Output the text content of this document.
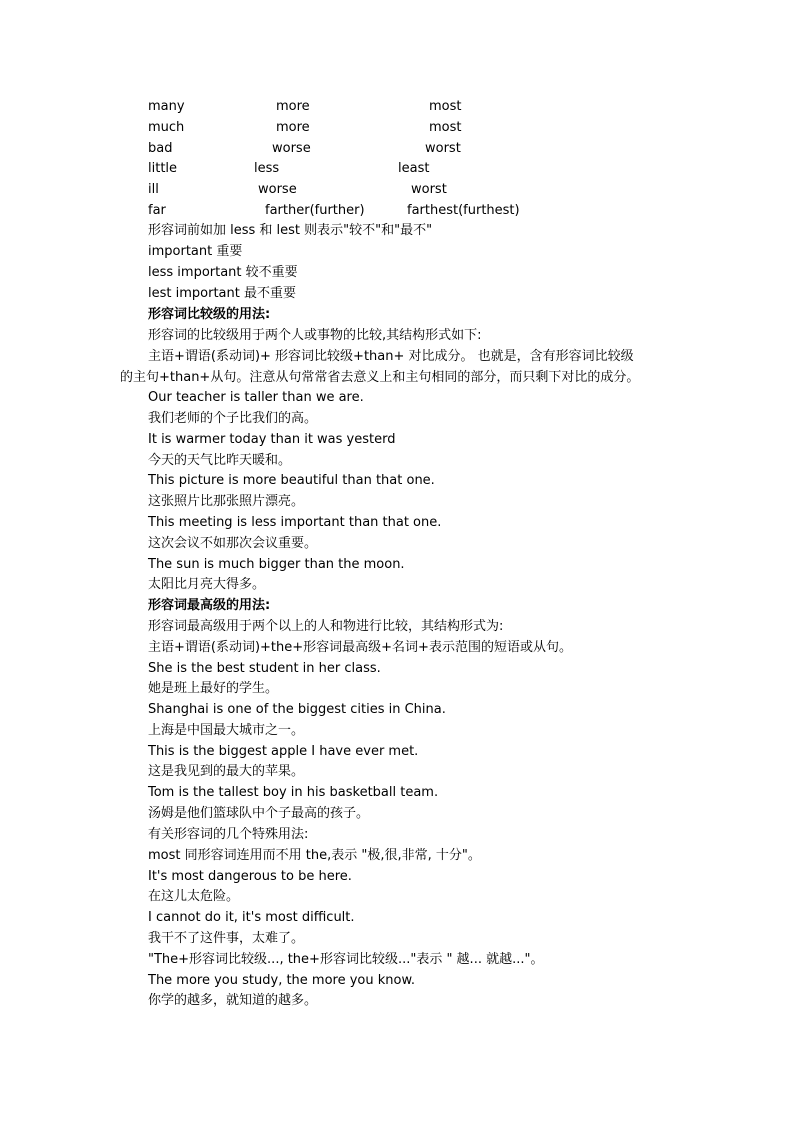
many	more	most
much	more	most
bad	worse	worst
little	less	least
ill	worse	worst
far	farther(further)	farthest(furthest)
形容词前如加 less 和 lest 则表示"较不"和"最不"
important 重要
less important 较不重要
lest important 最不重要
形容词比较级的用法:
形容词的比较级用于两个人或事物的比较,其结构形式如下:
主语+谓语(系动词)+ 形容词比较级+than+ 对比成分。 也就是，含有形容词比较级
的主句+than+从句。注意从句常常省去意义上和主句相同的部分，而只剩下对比的成分。
Our teacher is taller than we are.
我们老师的个子比我们的高。
It is warmer today than it was yesterd
今天的天气比昨天暖和。
This picture is more beautiful than that one.
这张照片比那张照片漂亮。
This meeting is less important than that one.
这次会议不如那次会议重要。
The sun is much bigger than the moon.
太阳比月亮大得多。
形容词最高级的用法:
形容词最高级用于两个以上的人和物进行比较，其结构形式为:
主语+谓语(系动词)+the+形容词最高级+名词+表示范围的短语或从句。
She is the best student in her class.
她是班上最好的学生。
Shanghai is one of the biggest cities in China.
上海是中国最大城市之一。
This is the biggest apple I have ever met.
这是我见到的最大的苹果。
Tom is the tallest boy in his basketball team.
汤姆是他们篮球队中个子最高的孩子。
有关形容词的几个特殊用法:
most 同形容词连用而不用 the,表示 "极,很,非常, 十分"。
It's most dangerous to be here.
在这儿太危险。
I cannot do it, it's most difficult.
我干不了这件事，太难了。
"The+形容词比较级..., the+形容词比较级..."表示 " 越... 就越..."。
The more you study, the more you know.
你学的越多，就知道的越多。
